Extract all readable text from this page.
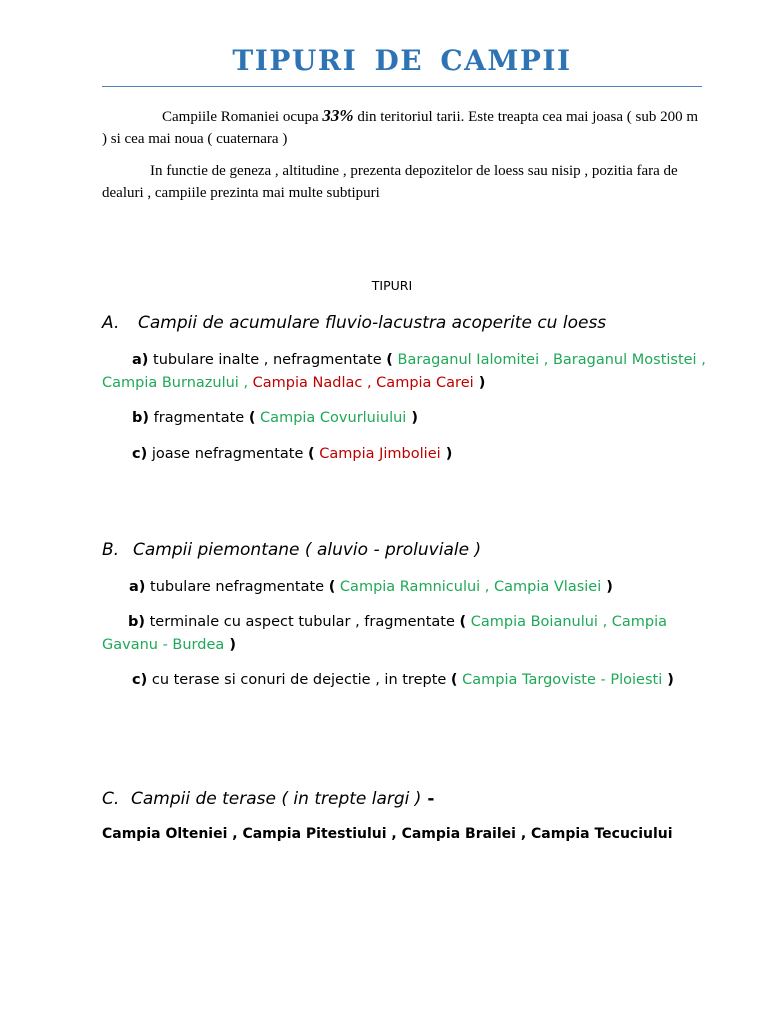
TIPURI DE CAMPII
Campiile Romaniei ocupa 33% din teritoriul tarii. Este treapta cea mai joasa ( sub 200 m ) si cea mai noua ( cuaternara )
In functie de geneza , altitudine , prezenta depozitelor de loess sau nisip , pozitia fara de dealuri , campiile prezinta mai multe subtipuri
TIPURI
A. Campii de acumulare fluvio-lacustra acoperite cu loess
a) tubulare inalte , nefragmentate ( Baraganul Ialomitei , Baraganul Mostistei , Campia Burnazului , Campia Nadlac , Campia Carei )
b) fragmentate ( Campia Covurluiului )
c) joase nefragmentate ( Campia Jimboliei )
B. Campii piemontane ( aluvio - proluviale )
a) tubulare nefragmentate ( Campia Ramnicului , Campia Vlasiei )
b) terminale cu aspect tubular , fragmentate ( Campia Boianului , Campia Gavanu - Burdea )
c) cu terase si conuri de dejectie , in trepte ( Campia Targoviste - Ploiesti )
C. Campii de terase ( in trepte largi ) -
Campia Olteniei , Campia Pitestiului , Campia Brailei , Campia Tecuciului
